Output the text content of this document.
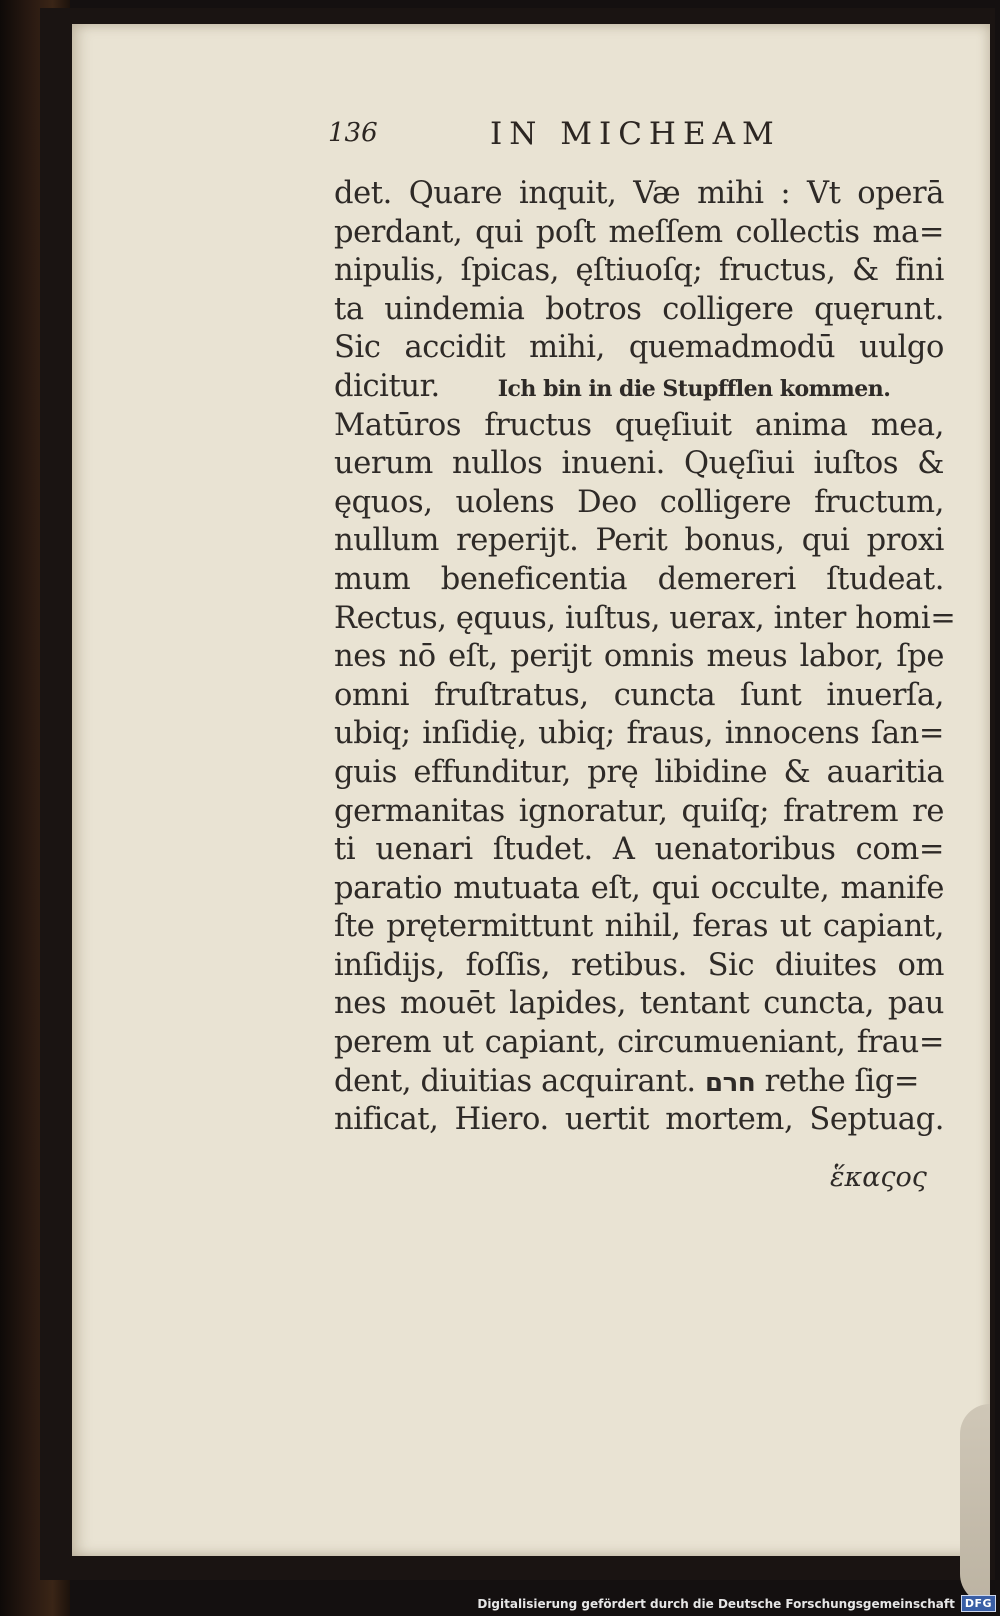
136	IN MICHEAM
det. Quare inquit, Væ mihi : Vt operā
perdant, qui poſt meſſem collectis ma=
nipulis, ſpicas, ęſtiuoſq; fructus, & fini
ta uindemia botros colligere quęrunt.
Sic accidit mihi, quemadmodū uulgo
dicitur.	Ich bin in die Stupfflen kommen.
Matūros fructus quęſiuit anima mea,
uerum nullos inueni. Quęſiui iuſtos &
ęquos, uolens Deo colligere fructum,
nullum reperijt. Perit bonus, qui proxi
mum beneficentia demereri ſtudeat.
Rectus, ęquus, iuſtus, uerax, inter homi=
nes nō eſt, perijt omnis meus labor, ſpe
omni fruſtratus, cuncta ſunt inuerſa,
ubiq; inſidię, ubiq; fraus, innocens ſan=
guis effunditur, prę libidine & auaritia
germanitas ignoratur, quiſq; fratrem re
ti uenari ſtudet. A uenatoribus com=
paratio mutuata eſt, qui occulte, manife
ſte prętermittunt nihil, feras ut capiant,
inſidijs, foſſis, retibus. Sic diuites om
nes mouēt lapides, tentant cuncta, pau
perem ut capiant, circumueniant, frau=
dent, diuitias acquirant. חרם rethe ſig=
nificat, Hiero. uertit mortem, Septuag.
ἕκαςος
Digitalisierung gefördert durch die Deutsche Forschungsgemeinschaft DFG
